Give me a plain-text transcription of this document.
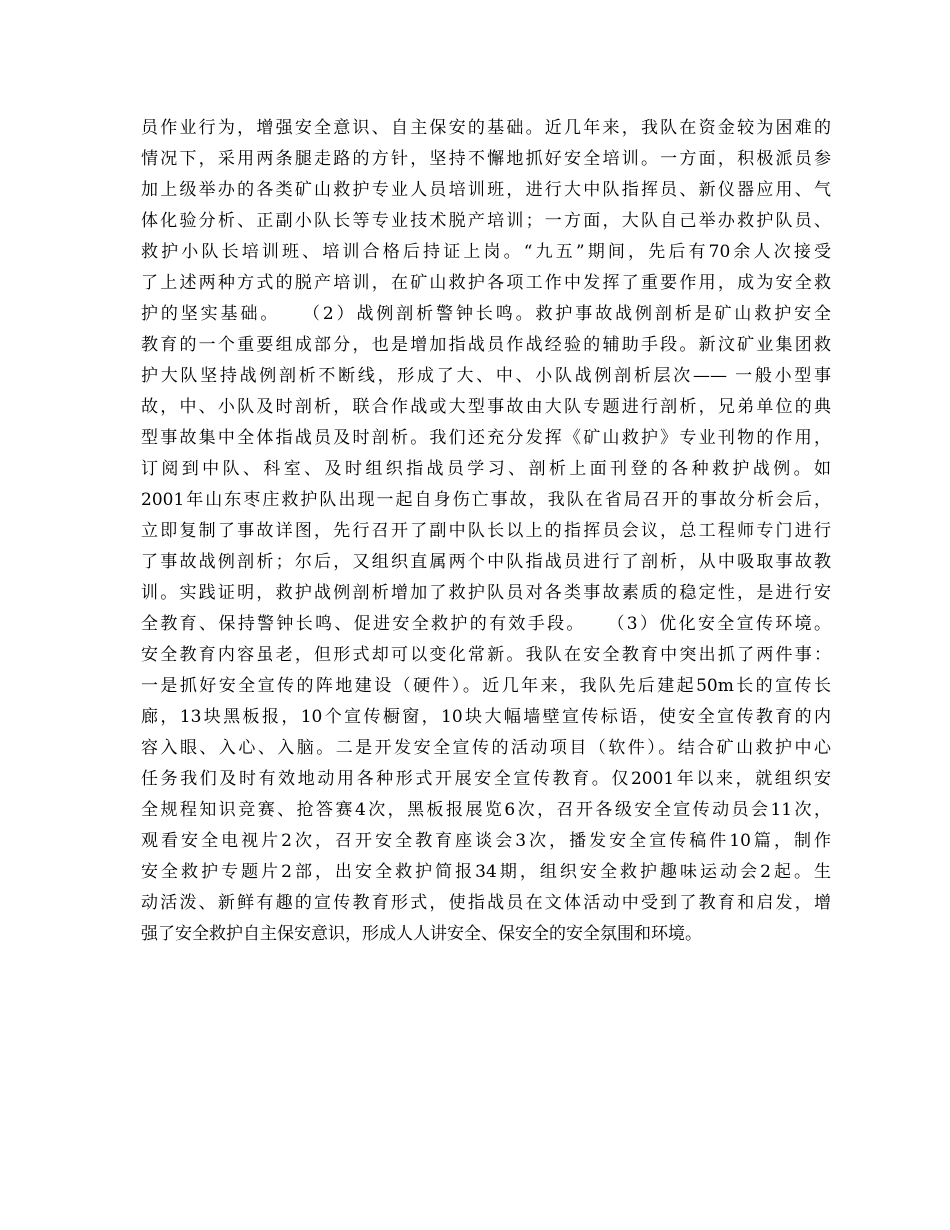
员作业行为，增强安全意识、自主保安的基础。近几年来，我队在资金较为困难的
情况下，采用两条腿走路的方针，坚持不懈地抓好安全培训。一方面，积极派员参
加上级举办的各类矿山救护专业人员培训班，进行大中队指挥员、新仪器应用、气
体化验分析、正副小队长等专业技术脱产培训；一方面，大队自己举办救护队员、
救护小队长培训班、培训合格后持证上岗。“九五”期间，先后有70余人次接受
了上述两种方式的脱产培训，在矿山救护各项工作中发挥了重要作用，成为安全救
护的坚实基础。　　（2）战例剖析警钟长鸣。救护事故战例剖析是矿山救护安全
教育的一个重要组成部分，也是增加指战员作战经验的辅助手段。新汶矿业集团救
护大队坚持战例剖析不断线，形成了大、中、小队战例剖析层次—— 一般小型事
故，中、小队及时剖析，联合作战或大型事故由大队专题进行剖析，兄弟单位的典
型事故集中全体指战员及时剖析。我们还充分发挥《矿山救护》专业刊物的作用，
订阅到中队、科室、及时组织指战员学习、剖析上面刊登的各种救护战例。如
2001年山东枣庄救护队出现一起自身伤亡事故，我队在省局召开的事故分析会后，
立即复制了事故详图，先行召开了副中队长以上的指挥员会议，总工程师专门进行
了事故战例剖析；尔后，又组织直属两个中队指战员进行了剖析，从中吸取事故教
训。实践证明，救护战例剖析增加了救护队员对各类事故素质的稳定性，是进行安
全教育、保持警钟长鸣、促进安全救护的有效手段。　　（3）优化安全宣传环境。
安全教育内容虽老，但形式却可以变化常新。我队在安全教育中突出抓了两件事：
一是抓好安全宣传的阵地建设（硬件）。近几年来，我队先后建起50m长的宣传长
廊，13块黑板报，10个宣传橱窗，10块大幅墙壁宣传标语，使安全宣传教育的内
容入眼、入心、入脑。二是开发安全宣传的活动项目（软件）。结合矿山救护中心
任务我们及时有效地动用各种形式开展安全宣传教育。仅2001年以来，就组织安
全规程知识竞赛、抢答赛4次，黑板报展览6次，召开各级安全宣传动员会11次，
观看安全电视片2次，召开安全教育座谈会3次，播发安全宣传稿件10篇，制作
安全救护专题片2部，出安全救护简报34期，组织安全救护趣味运动会2起。生
动活泼、新鲜有趣的宣传教育形式，使指战员在文体活动中受到了教育和启发，增
强了安全救护自主保安意识，形成人人讲安全、保安全的安全氛围和环境。
